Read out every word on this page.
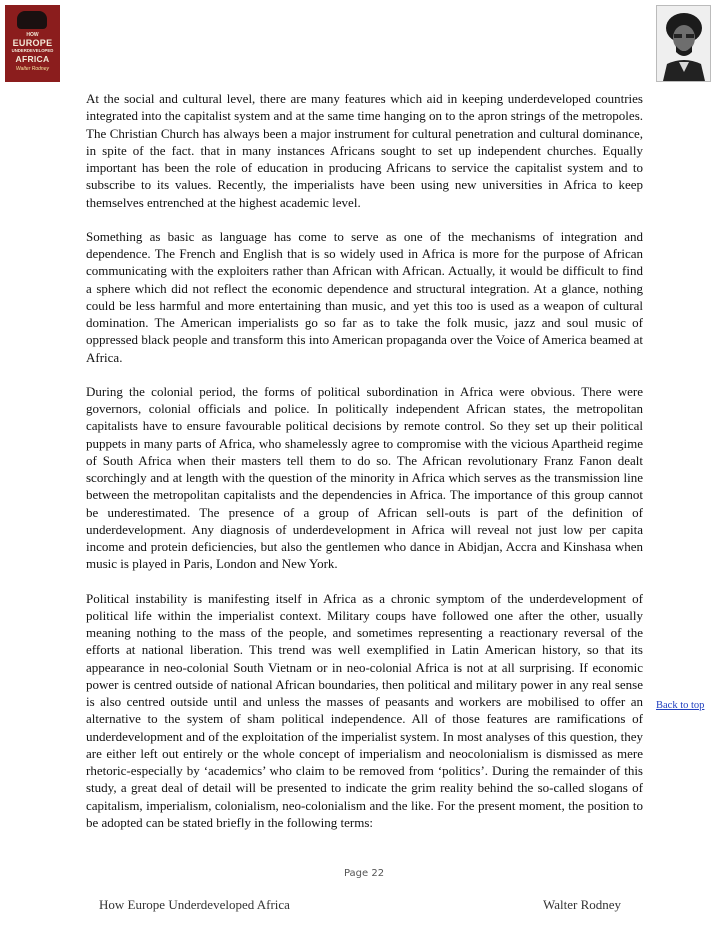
HOW
EUROPE
UNDERDEVELOPED
AFRICA
Walter Rodney

At the social and cultural level, there are many features which aid in keeping underdeveloped countries integrated into the capitalist system and at the same time hanging on to the apron strings of the metropoles. The Christian Church has always been a major instrument for cultural penetration and cultural dominance, in spite of the fact. that in many instances Africans sought to set up independent churches. Equally important has been the role of education in producing Africans to service the capitalist system and to subscribe to its values. Recently, the imperialists have been using new universities in Africa to keep themselves entrenched at the highest academic level.

Something as basic as language has come to serve as one of the mechanisms of integration and dependence. The French and English that is so widely used in Africa is more for the purpose of African communicating with the exploiters rather than African with African. Actually, it would be difficult to find a sphere which did not reflect the economic dependence and structural integration. At a glance, nothing could be less harmful and more entertaining than music, and yet this too is used as a weapon of cultural domination. The American imperialists go so far as to take the folk music, jazz and soul music of oppressed black people and transform this into American propaganda over the Voice of America beamed at Africa.

During the colonial period, the forms of political subordination in Africa were obvious. There were governors, colonial officials and police. In politically independent African states, the metropolitan capitalists have to ensure favourable political decisions by remote control. So they set up their political puppets in many parts of Africa, who shamelessly agree to compromise with the vicious Apartheid regime of South Africa when their masters tell them to do so. The African revolutionary Franz Fanon dealt scorchingly and at length with the question of the minority in Africa which serves as the transmission line between the metropolitan capitalists and the dependencies in Africa. The importance of this group cannot be underestimated. The presence of a group of African sell-outs is part of the definition of underdevelopment. Any diagnosis of underdevelopment in Africa will reveal not just low per capita income and protein deficiencies, but also the gentlemen who dance in Abidjan, Accra and Kinshasa when music is played in Paris, London and New York.

Political instability is manifesting itself in Africa as a chronic symptom of the underdevelopment of political life within the imperialist context. Military coups have followed one after the other, usually meaning nothing to the mass of the people, and sometimes representing a reactionary reversal of the efforts at national liberation. This trend was well exemplified in Latin American history, so that its appearance in neo-colonial South Vietnam or in neo-colonial Africa is not at all surprising. If economic power is centred outside of national African boundaries, then political and military power in any real sense is also centred outside until and unless the masses of peasants and workers are mobilised to offer an alternative to the system of sham political independence. All of those features are ramifications of underdevelopment and of the exploitation of the imperialist system. In most analyses of this question, they are either left out entirely or the whole concept of imperialism and neocolonialism is dismissed as mere rhetoric-especially by ‘academics’ who claim to be removed from ‘politics’. During the remainder of this study, a great deal of detail will be presented to indicate the grim reality behind the so-called slogans of capitalism, imperialism, colonialism, neo-colonialism and the like. For the present moment, the position to be adopted can be stated briefly in the following terms:

Back to top
Page 22
How Europe Underdeveloped Africa	Walter Rodney
